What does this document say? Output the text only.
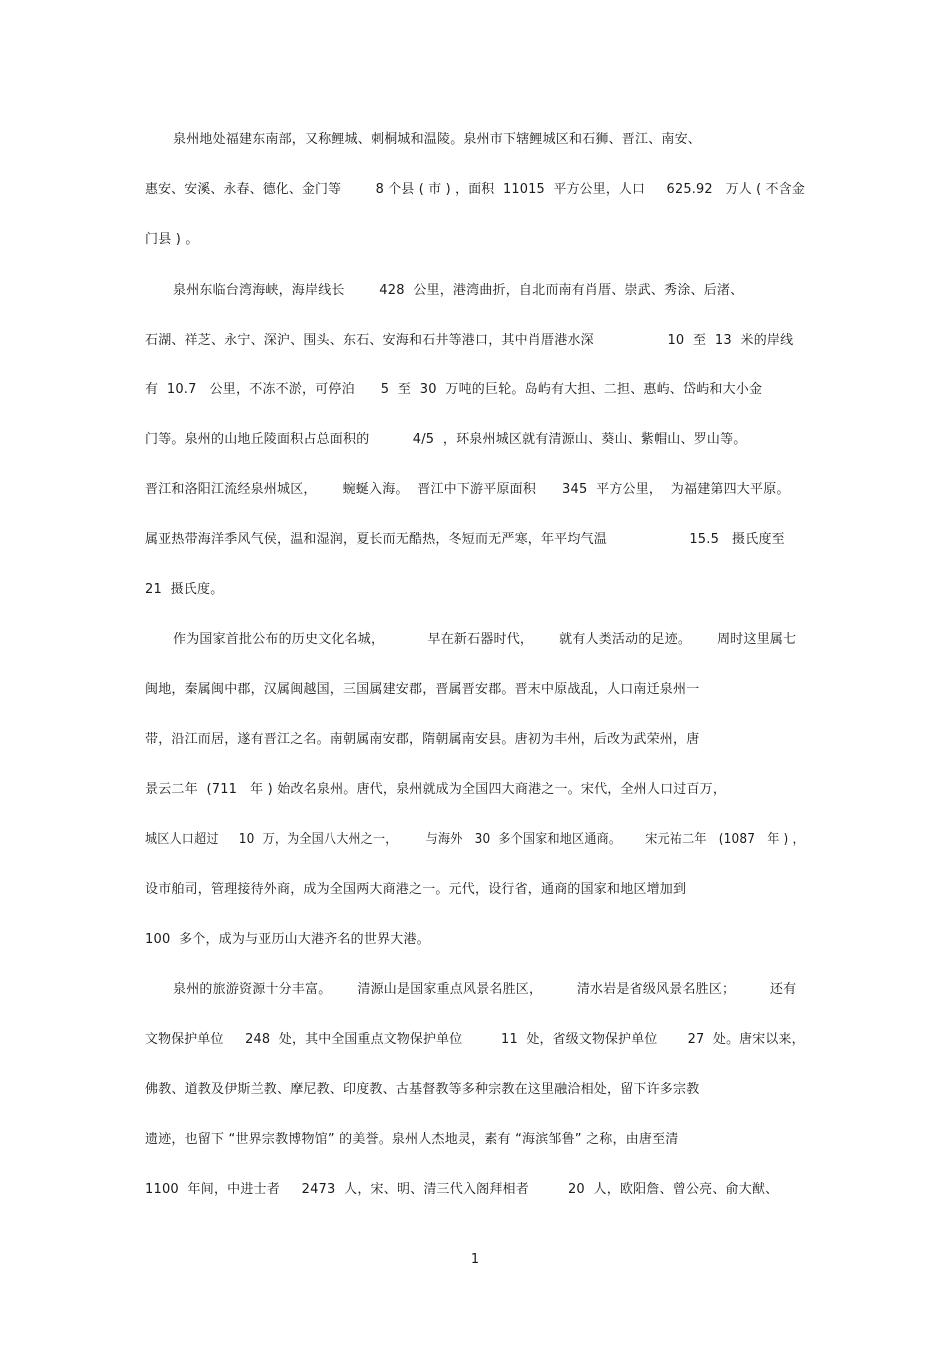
泉州地处福建东南部，又称鲤城、刺桐城和温陵。泉州市下辖鲤城区和石狮、晋江、南安、
惠安、安溪、永春、德化、金门等        8 个县 ( 市 ) ，面积  11015  平方公里，人口     625.92   万人 ( 不含金
门县 ) 。
泉州东临台湾海峡，海岸线长        428  公里，港湾曲折，自北而南有肖厝、崇武、秀涂、后渚、
石湖、祥芝、永宁、深沪、围头、东石、安海和石井等港口，其中肖厝港水深                 10  至  13  米的岸线
有  10.7   公里，不冻不淤，可停泊      5  至  30  万吨的巨轮。岛屿有大担、二担、惠屿、岱屿和大小金
门等。泉州的山地丘陵面积占总面积的          4/5  ，环泉州城区就有清源山、葵山、紫帽山、罗山等。
晋江和洛阳江流经泉州城区，      蜿蜒入海。  晋江中下游平原面积      345  平方公里，  为福建第四大平原。
属亚热带海洋季风气侯，温和湿润，夏长而无酷热，冬短而无严寒，年平均气温                   15.5   摄氏度至
21  摄氏度。
作为国家首批公布的历史文化名城，          早在新石器时代，      就有人类活动的足迹。      周时这里属七
闽地，秦属闽中郡，汉属闽越国，三国属建安郡，晋属晋安郡。晋末中原战乱，人口南迁泉州一
带，沿江而居，遂有晋江之名。南朝属南安郡，隋朝属南安县。唐初为丰州，后改为武荣州，唐
景云二年  (711   年 ) 始改名泉州。唐代，泉州就成为全国四大商港之一。宋代，全州人口过百万，
城区人口超过     10  万，为全国八大州之一，       与海外   30  多个国家和地区通商。      宋元祐二年   (1087   年 ) ，
设市舶司，管理接待外商，成为全国两大商港之一。元代，设行省，通商的国家和地区增加到
100  多个，成为与亚历山大港齐名的世界大港。
泉州的旅游资源十分丰富。      清源山是国家重点风景名胜区，        清水岩是省级风景名胜区；        还有
文物保护单位     248  处，其中全国重点文物保护单位         11  处，省级文物保护单位       27  处。唐宋以来，
佛教、道教及伊斯兰教、摩尼教、印度教、古基督教等多种宗教在这里融洽相处，留下许多宗教
遗迹，也留下 “世界宗教博物馆” 的美誉。泉州人杰地灵，素有 “海滨邹鲁” 之称，由唐至清
1100  年间，中进士者     2473  人，宋、明、清三代入阁拜相者         20  人，欧阳詹、曾公亮、俞大猷、
1
